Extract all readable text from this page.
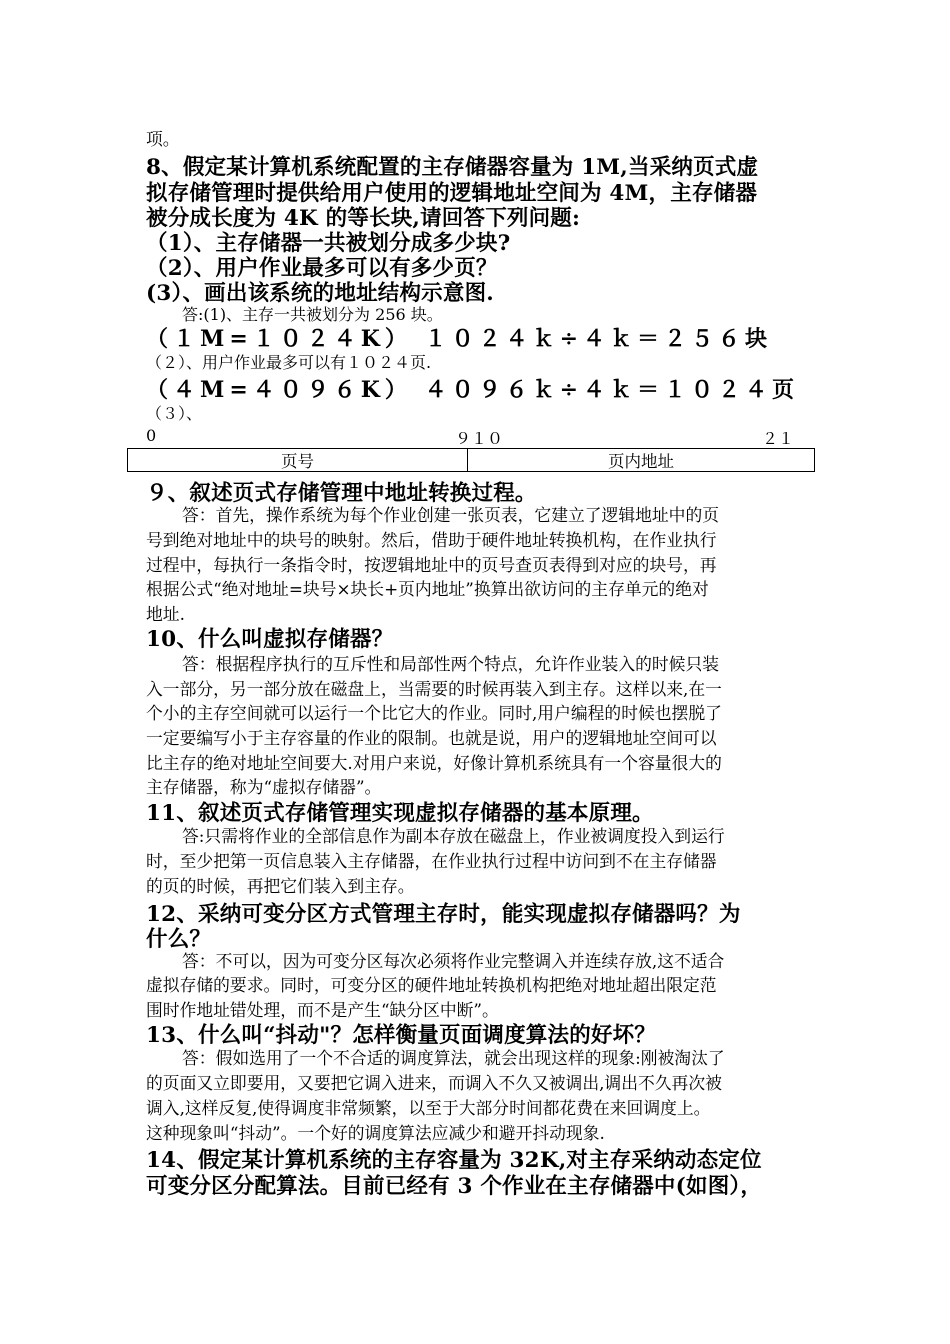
项。

8、假定某计算机系统配置的主存储器容量为 1M,当采纳页式虚

拟存储管理时提供给用户使用的逻辑地址空间为 4M，主存储器

被分成长度为 4K 的等长块,请回答下列问题:

（1）、主存储器一共被划分成多少块?

（2）、用户作业最多可以有多少页？

(3）、画出该系统的地址结构示意图.

答:(1)、主存一共被划分为 256 块。

（１M=１０２４K） １０２４ｋ÷４ｋ＝２５６块

（２）、用户作业最多可以有１０２４页.

（４M=４０９６K） ４０９６ｋ÷４ｋ＝１０２４页

（３）、

0	９１０	２１

页号	页内地址

９、叙述页式存储管理中地址转换过程。

答：首先，操作系统为每个作业创建一张页表，它建立了逻辑地址中的页

号到绝对地址中的块号的映射。然后，借助于硬件地址转换机构，在作业执行

过程中，每执行一条指令时，按逻辑地址中的页号查页表得到对应的块号，再

根据公式“绝对地址=块号×块长+页内地址”换算出欲访问的主存单元的绝对

地址.

10、什么叫虚拟存储器？

答：根据程序执行的互斥性和局部性两个特点，允许作业装入的时候只装

入一部分，另一部分放在磁盘上，当需要的时候再装入到主存。这样以来,在一

个小的主存空间就可以运行一个比它大的作业。同时,用户编程的时候也摆脱了

一定要编写小于主存容量的作业的限制。也就是说，用户的逻辑地址空间可以

比主存的绝对地址空间要大.对用户来说，好像计算机系统具有一个容量很大的

主存储器，称为“虚拟存储器”。

11、叙述页式存储管理实现虚拟存储器的基本原理。

答:只需将作业的全部信息作为副本存放在磁盘上，作业被调度投入到运行

时，至少把第一页信息装入主存储器，在作业执行过程中访问到不在主存储器

的页的时候，再把它们装入到主存。

12、采纳可变分区方式管理主存时，能实现虚拟存储器吗？为

什么？

答：不可以，因为可变分区每次必须将作业完整调入并连续存放,这不适合

虚拟存储的要求。同时，可变分区的硬件地址转换机构把绝对地址超出限定范

围时作地址错处理，而不是产生“缺分区中断”。

13、什么叫“抖动"？怎样衡量页面调度算法的好坏？

答：假如选用了一个不合适的调度算法，就会出现这样的现象:刚被淘汰了

的页面又立即要用，又要把它调入进来，而调入不久又被调出,调出不久再次被

调入,这样反复,使得调度非常频繁，以至于大部分时间都花费在来回调度上。

这种现象叫“抖动”。一个好的调度算法应减少和避开抖动现象.

14、假定某计算机系统的主存容量为 32K,对主存采纳动态定位

可变分区分配算法。目前已经有 3 个作业在主存储器中(如图），
